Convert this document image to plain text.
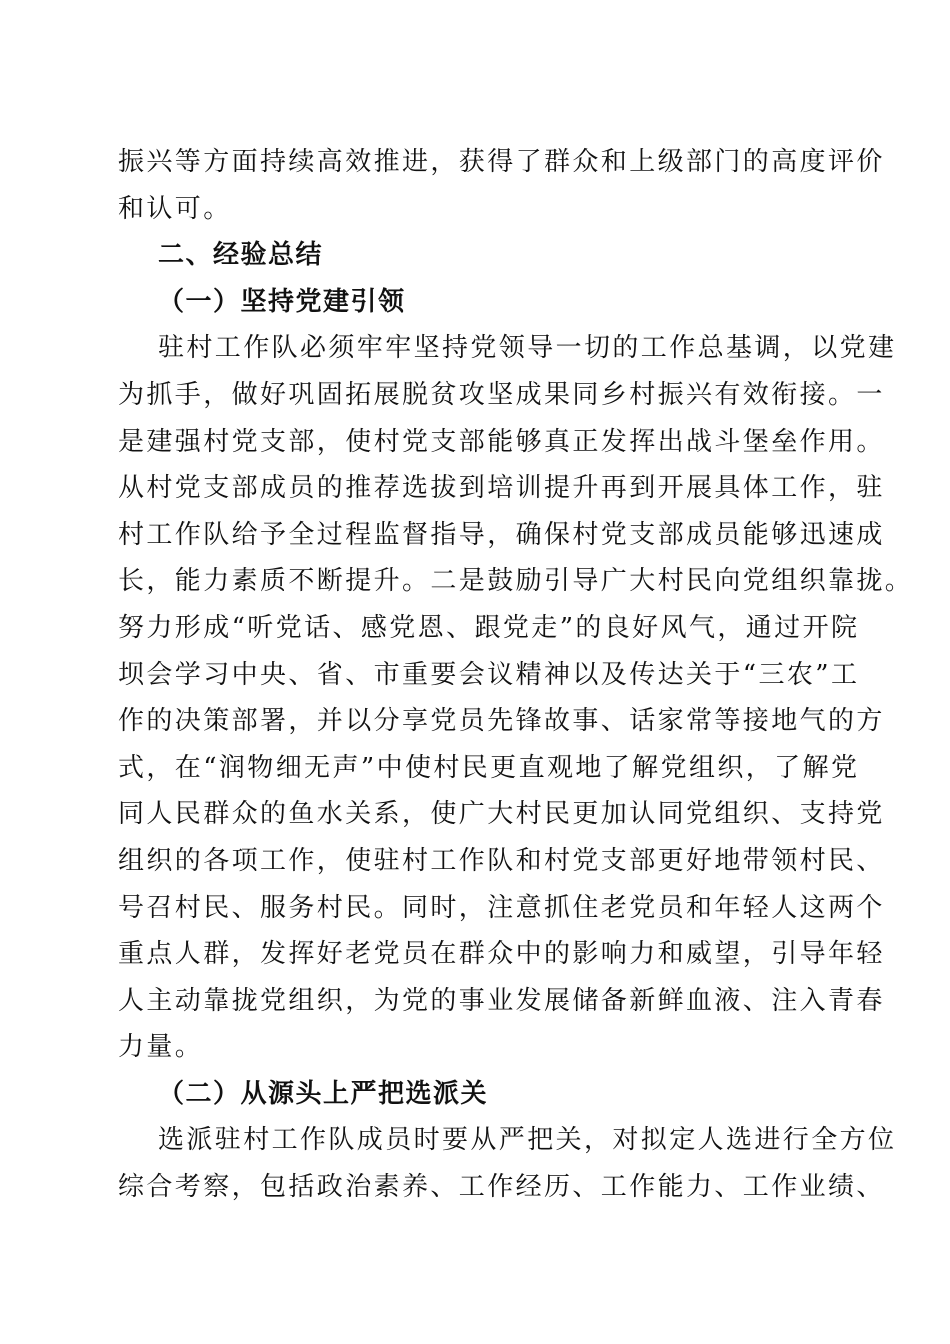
振兴等方面持续高效推进，获得了群众和上级部门的高度评价
和认可。
二、经验总结
（一）坚持党建引领
驻村工作队必须牢牢坚持党领导一切的工作总基调，以党建
为抓手，做好巩固拓展脱贫攻坚成果同乡村振兴有效衔接。一
是建强村党支部，使村党支部能够真正发挥出战斗堡垒作用。
从村党支部成员的推荐选拔到培训提升再到开展具体工作，驻
村工作队给予全过程监督指导，确保村党支部成员能够迅速成
长，能力素质不断提升。二是鼓励引导广大村民向党组织靠拢。
努力形成“听党话、感党恩、跟党走”的良好风气，通过开院
坝会学习中央、省、市重要会议精神以及传达关于“三农”工
作的决策部署，并以分享党员先锋故事、话家常等接地气的方
式，在“润物细无声”中使村民更直观地了解党组织，了解党
同人民群众的鱼水关系，使广大村民更加认同党组织、支持党
组织的各项工作，使驻村工作队和村党支部更好地带领村民、
号召村民、服务村民。同时，注意抓住老党员和年轻人这两个
重点人群，发挥好老党员在群众中的影响力和威望，引导年轻
人主动靠拢党组织，为党的事业发展储备新鲜血液、注入青春
力量。
（二）从源头上严把选派关
选派驻村工作队成员时要从严把关，对拟定人选进行全方位
综合考察，包括政治素养、工作经历、工作能力、工作业绩、
